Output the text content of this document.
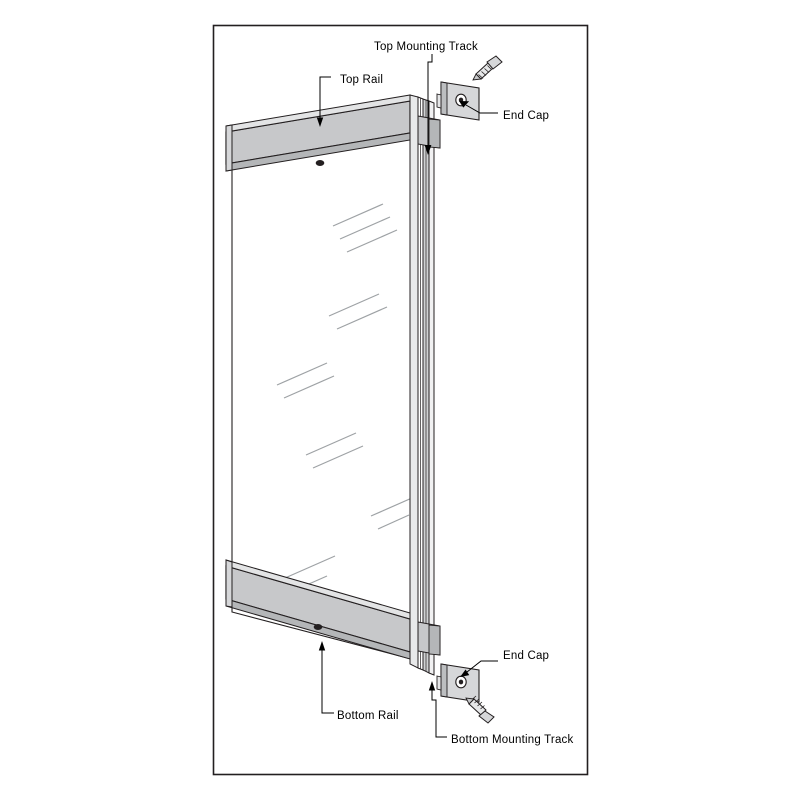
Top Mounting Track
Top Rail
End Cap
End Cap
Bottom Rail
Bottom Mounting Track
